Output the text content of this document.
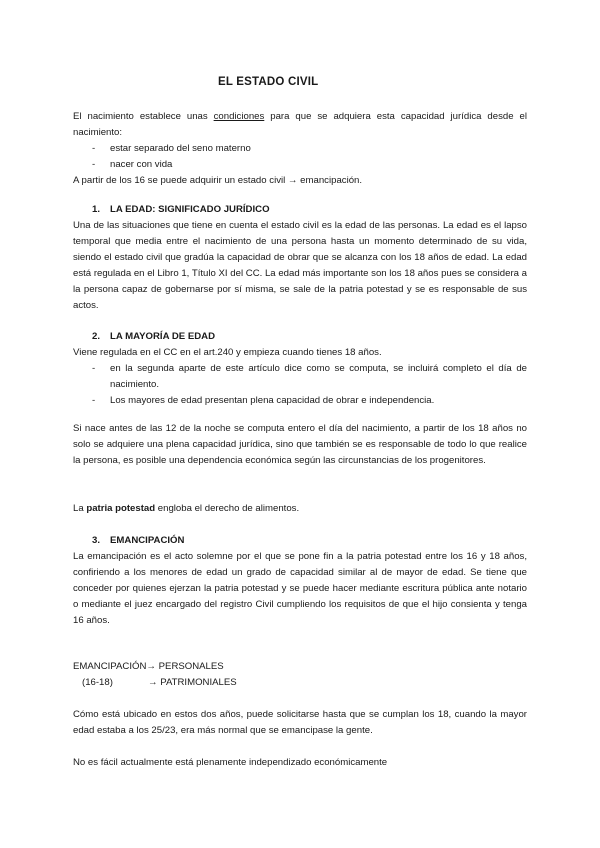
EL ESTADO CIVIL

El nacimiento establece unas condiciones para que se adquiera esta capacidad jurídica desde el nacimiento:

- estar separado del seno materno
- nacer con vida

A partir de los 16 se puede adquirir un estado civil → emancipación.

1. LA EDAD: SIGNIFICADO JURÍDICO

Una de las situaciones que tiene en cuenta el estado civil es la edad de las personas. La edad es el lapso temporal que media entre el nacimiento de una persona hasta un momento determinado de su vida, siendo el estado civil que gradúa la capacidad de obrar que se alcanza con los 18 años de edad. La edad está regulada en el Libro 1, Título XI del CC. La edad más importante son los 18 años pues se considera a la persona capaz de gobernarse por sí misma, se sale de la patria potestad y se es responsable de sus actos.

2. LA MAYORÍA DE EDAD

Viene regulada en el CC en el art.240 y empieza cuando tienes 18 años.

- en la segunda aparte de este artículo dice como se computa, se incluirá completo el día de nacimiento.
- Los mayores de edad presentan plena capacidad de obrar e independencia.

Si nace antes de las 12 de la noche se computa entero el día del nacimiento, a partir de los 18 años no solo se adquiere una plena capacidad jurídica, sino que también se es responsable de todo lo que realice la persona, es posible una dependencia económica según las circunstancias de los progenitores.

La patria potestad engloba el derecho de alimentos.

3. EMANCIPACIÓN

La emancipación es el acto solemne por el que se pone fin a la patria potestad entre los 16 y 18 años, confiriendo a los menores de edad un grado de capacidad similar al de mayor de edad. Se tiene que conceder por quienes ejerzan la patria potestad y se puede hacer mediante escritura pública ante notario o mediante el juez encargado del registro Civil cumpliendo los requisitos de que el hijo consienta y tenga 16 años.

EMANCIPACIÓN→ PERSONALES

(16-18)	→ PATRIMONIALES

Cómo está ubicado en estos dos años, puede solicitarse hasta que se cumplan los 18, cuando la mayor edad estaba a los 25/23, era más normal que se emancipase la gente.

No es fácil actualmente está plenamente independizado económicamente
